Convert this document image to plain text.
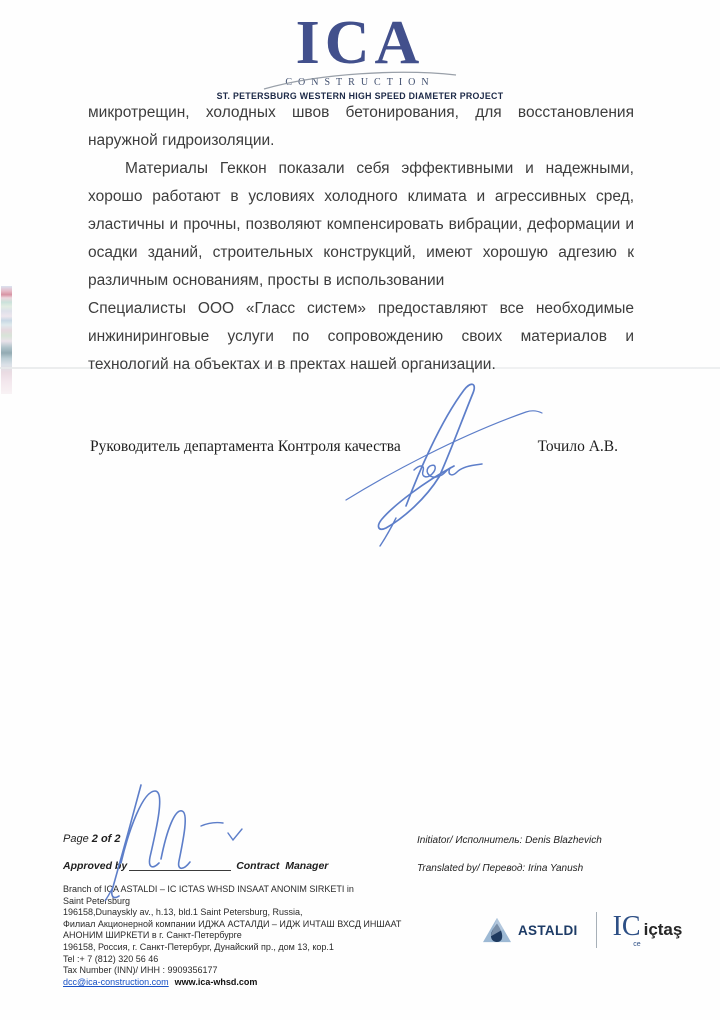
ICA
CONSTRUCTION
ST. PETERSBURG WESTERN HIGH SPEED DIAMETER PROJECT

микротрещин, холодных швов бетонирования, для восстановления наружной гидроизоляции.

Материалы Геккон показали себя эффективными и надежными, хорошо работают в условиях холодного климата и агрессивных сред, эластичны и прочны, позволяют компенсировать вибрации, деформации и осадки зданий, строительных конструкций, имеют хорошую адгезию к различным основаниям, просты в использовании

Специалисты ООО «Гласс систем» предоставляют все необходимые инжиниринговые услуги по сопровождению своих материалов и технологий на объектах и в пректах нашей организации.

Руководитель департамента Контроля качества	Точило А.В.
Page 2 of 2
Approved by	Contract  Manager
Branch of ICA ASTALDI – IC ICTAS WHSD INSAAT ANONIM SIRKETI in
Saint Petersburg
196158,Dunayskly av., h.13, bld.1 Saint Petersburg, Russia,
Филиал Акционерной компании ИДЖА АСТАЛДИ – ИДЖ ИЧТАШ ВХСД ИНШААТ
АНОНИМ ШИРКЕТИ в г. Санкт-Петербурге
196158, Россия, г. Санкт-Петербург, Дунайский пр., дом 13, кор.1
Tel :+ 7 (812) 320 56 46
Tax Number (INN)/ ИНН : 9909356177
dcc@ica-construction.com www.ica-whsd.com
Initiator/ Исполнитель: Denis Blazhevich
Translated by/ Перевод: Irina Yanush
ASTALDI IC
ce
içtaş
